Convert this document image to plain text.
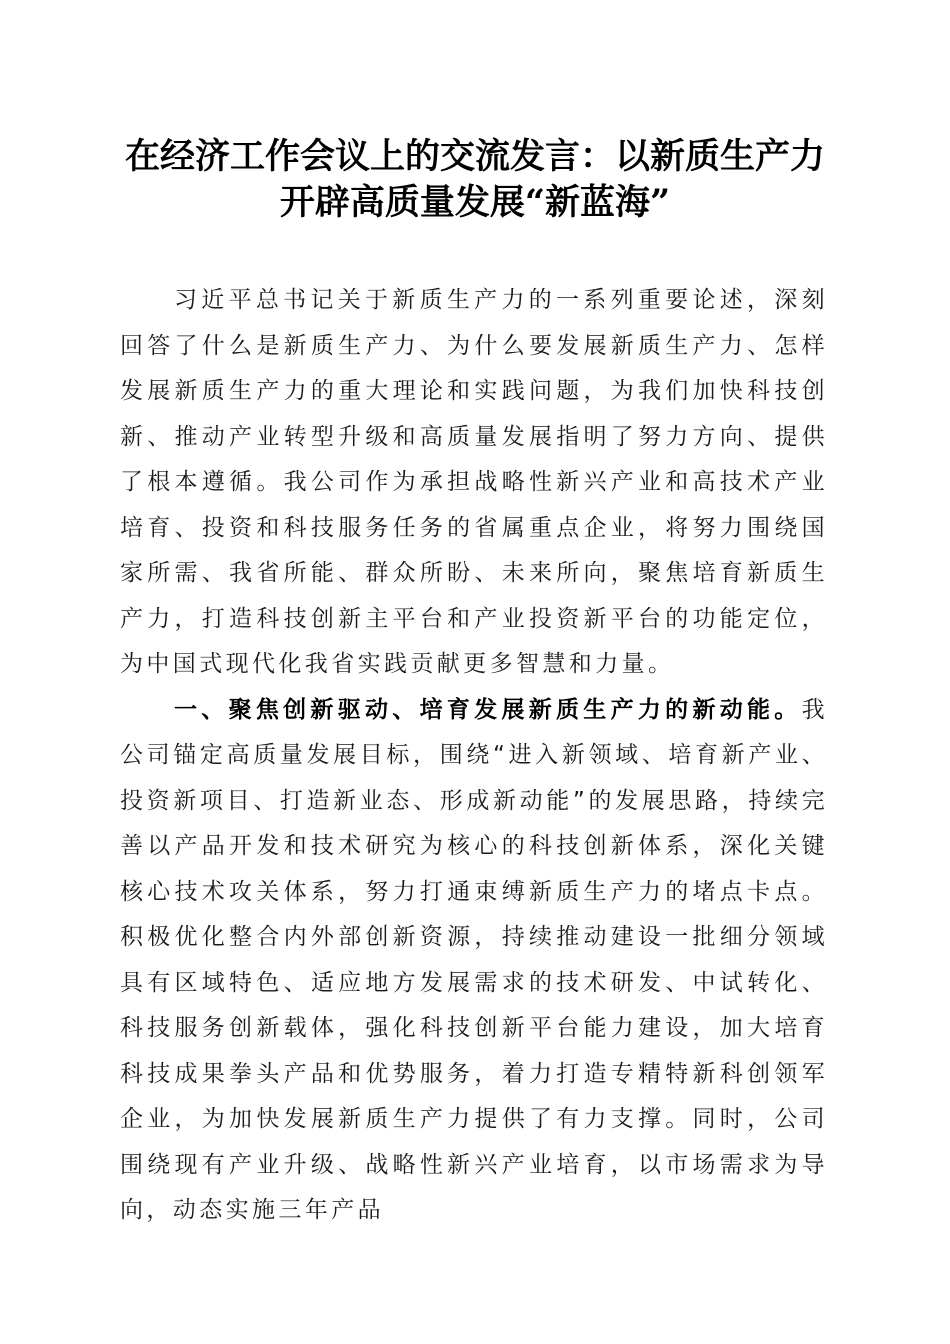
在经济工作会议上的交流发言：以新质生产力
开辟高质量发展“新蓝海”

习近平总书记关于新质生产力的一系列重要论述，深刻回答了什么是新质生产力、为什么要发展新质生产力、怎样发展新质生产力的重大理论和实践问题，为我们加快科技创新、推动产业转型升级和高质量发展指明了努力方向、提供了根本遵循。我公司作为承担战略性新兴产业和高技术产业培育、投资和科技服务任务的省属重点企业，将努力围绕国家所需、我省所能、群众所盼、未来所向，聚焦培育新质生产力，打造科技创新主平台和产业投资新平台的功能定位，为中国式现代化我省实践贡献更多智慧和力量。

一、聚焦创新驱动、培育发展新质生产力的新动能。我公司锚定高质量发展目标，围绕“进入新领域、培育新产业、投资新项目、打造新业态、形成新动能”的发展思路，持续完善以产品开发和技术研究为核心的科技创新体系，深化关键核心技术攻关体系，努力打通束缚新质生产力的堵点卡点。积极优化整合内外部创新资源，持续推动建设一批细分领域具有区域特色、适应地方发展需求的技术研发、中试转化、科技服务创新载体，强化科技创新平台能力建设，加大培育科技成果拳头产品和优势服务，着力打造专精特新科创领军企业，为加快发展新质生产力提供了有力支撑。同时，公司围绕现有产业升级、战略性新兴产业培育，以市场需求为导向，动态实施三年产品
